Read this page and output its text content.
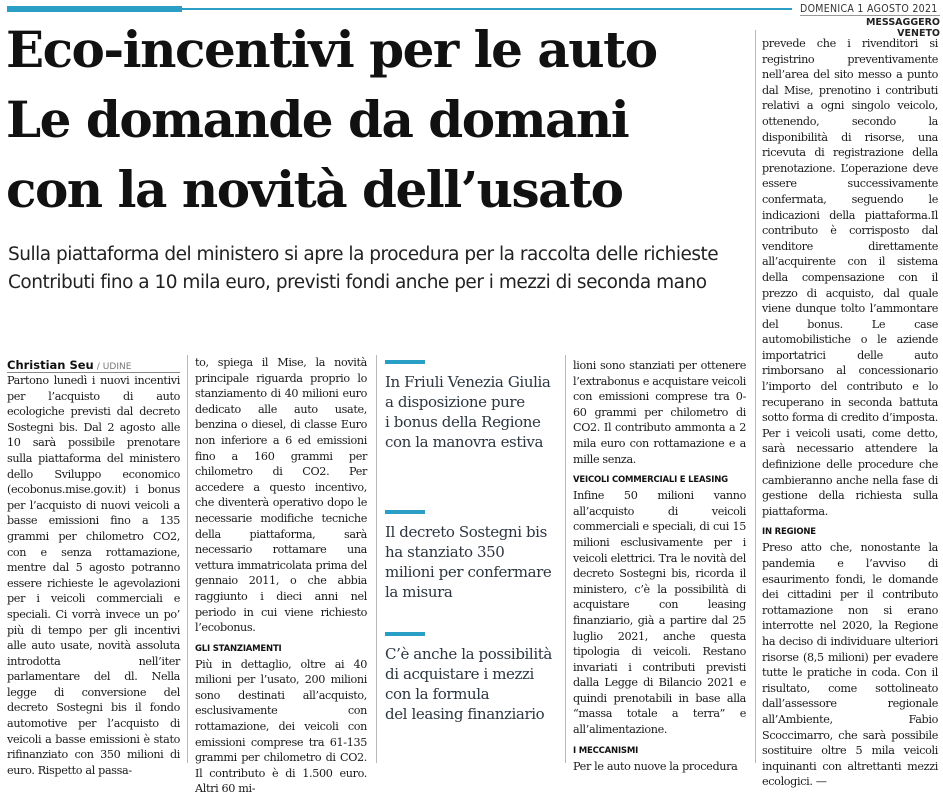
DOMENICA 1 AGOSTO 2021
MESSAGGERO VENETO
Eco-incentivi per le auto
Le domande da domani
con la novità dell’usato
Sulla piattaforma del ministero si apre la procedura per la raccolta delle richieste
Contributi fino a 10 mila euro, previsti fondi anche per i mezzi di seconda mano
Christian Seu / UDINE

Partono lunedì i nuovi incentivi per l’acquisto di auto ecologiche previsti dal decreto Sostegni bis. Dal 2 agosto alle 10 sarà possibile prenotare sulla piattaforma del ministero dello Sviluppo economico (ecobonus.mise.gov.it) i bonus per l’acquisto di nuovi veicoli a basse emissioni fino a 135 grammi per chilometro CO2, con e senza rottamazione, mentre dal 5 agosto potranno essere richieste le agevolazioni per i veicoli commerciali e speciali. Ci vorrà invece un po’ più di tempo per gli incentivi alle auto usate, novità assoluta introdotta nell’iter parlamentare del dl. Nella legge di conversione del decreto Sostegni bis il fondo automotive per l’acquisto di veicoli a basse emissioni è stato rifinanziato con 350 milioni di euro. Rispetto al passa-

to, spiega il Mise, la novità principale riguarda proprio lo stanziamento di 40 milioni euro dedicato alle auto usate, benzina o diesel, di classe Euro non inferiore a 6 ed emissioni fino a 160 grammi per chilometro di CO2. Per accedere a questo incentivo, che diventerà operativo dopo le necessarie modifiche tecniche della piattaforma, sarà necessario rottamare una vettura immatricolata prima del gennaio 2011, o che abbia raggiunto i dieci anni nel periodo in cui viene richiesto l’ecobonus.

GLI STANZIAMENTI

Più in dettaglio, oltre ai 40 milioni per l’usato, 200 milioni sono destinati all’acquisto, esclusivamente con rottamazione, dei veicoli con emissioni comprese tra 61-135 grammi per chilometro di CO2. Il contributo è di 1.500 euro. Altri 60 mi-

In Friuli Venezia Giulia
a disposizione pure
i bonus della Regione
con la manovra estiva
Il decreto Sostegni bis
ha stanziato 350
milioni per confermare
la misura
C’è anche la possibilità
di acquistare i mezzi
con la formula
del leasing finanziario

lioni sono stanziati per ottenere l’extrabonus e acquistare veicoli con emissioni comprese tra 0-60 grammi per chilometro di CO2. Il contributo ammonta a 2 mila euro con rottamazione e a mille senza.

VEICOLI COMMERCIALI E LEASING

Infine 50 milioni vanno all’acquisto di veicoli commerciali e speciali, di cui 15 milioni esclusivamente per i veicoli elettrici. Tra le novità del decreto Sostegni bis, ricorda il ministero, c’è la possibilità di acquistare con leasing finanziario, già a partire dal 25 luglio 2021, anche questa tipologia di veicoli. Restano invariati i contributi previsti dalla Legge di Bilancio 2021 e quindi prenotabili in base alla “massa totale a terra” e all’alimentazione.

I MECCANISMI

Per le auto nuove la procedura

prevede che i rivenditori si registrino preventivamente nell’area del sito messo a punto dal Mise, prenotino i contributi relativi a ogni singolo veicolo, ottenendo, secondo la disponibilità di risorse, una ricevuta di registrazione della prenotazione. L’operazione deve essere successivamente confermata, seguendo le indicazioni della piattaforma.Il contributo è corrisposto dal venditore direttamente all’acquirente con il sistema della compensazione con il prezzo di acquisto, dal quale viene dunque tolto l’ammontare del bonus. Le case automobilistiche o le aziende importatrici delle auto rimborsano al concessionario l’importo del contributo e lo recuperano in seconda battuta sotto forma di credito d’imposta. Per i veicoli usati, come detto, sarà necessario attendere la definizione delle procedure che cambieranno anche nella fase di gestione della richiesta sulla piattaforma.

IN REGIONE

Preso atto che, nonostante la pandemia e l’avviso di esaurimento fondi, le domande dei cittadini per il contributo rottamazione non si erano interrotte nel 2020, la Regione ha deciso di individuare ulteriori risorse (8,5 milioni) per evadere tutte le pratiche in coda. Con il risultato, come sottolineato dall’assessore regionale all’Ambiente, Fabio Scoccimarro, che sarà possibile sostituire oltre 5 mila veicoli inquinanti con altrettanti mezzi ecologici. —
